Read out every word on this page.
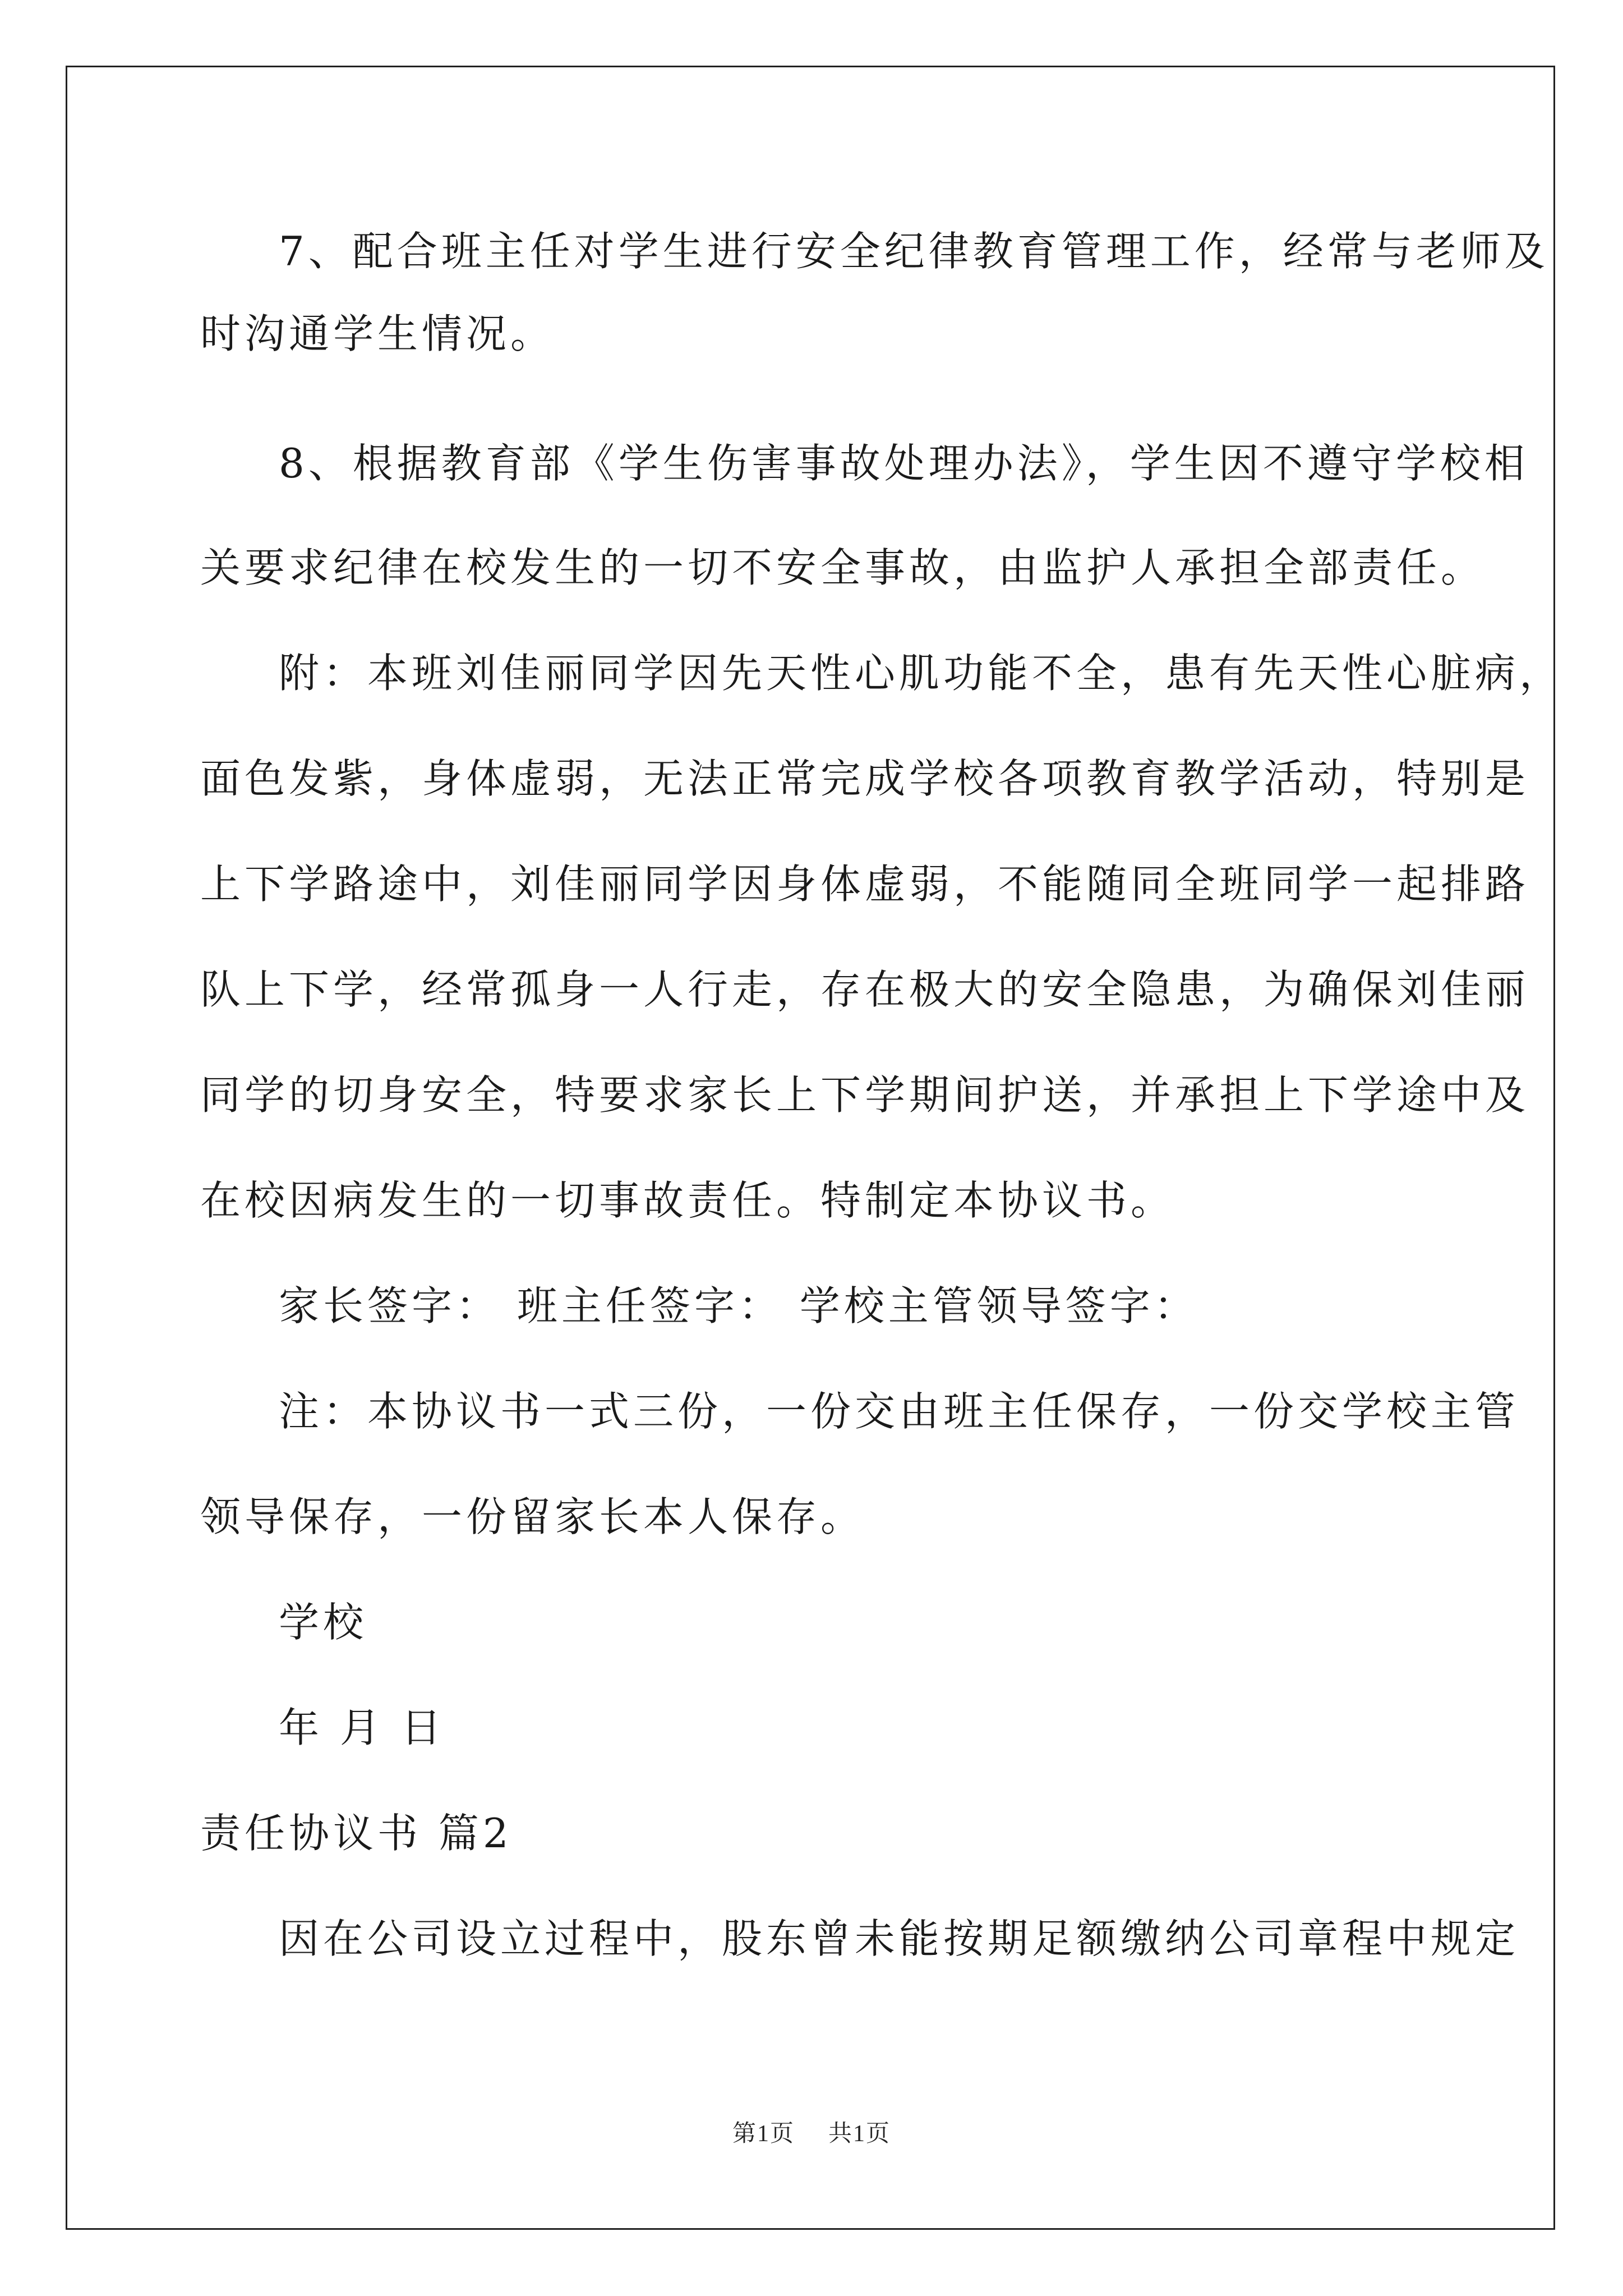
7、配合班主任对学生进行安全纪律教育管理工作，经常与老师及
时沟通学生情况。
8、根据教育部《学生伤害事故处理办法》，学生因不遵守学校相
关要求纪律在校发生的一切不安全事故，由监护人承担全部责任。
附：本班刘佳丽同学因先天性心肌功能不全，患有先天性心脏病，
面色发紫，身体虚弱，无法正常完成学校各项教育教学活动，特别是
上下学路途中，刘佳丽同学因身体虚弱，不能随同全班同学一起排路
队上下学，经常孤身一人行走，存在极大的安全隐患，为确保刘佳丽
同学的切身安全，特要求家长上下学期间护送，并承担上下学途中及
在校因病发生的一切事故责任。特制定本协议书。
家长签字： 班主任签字： 学校主管领导签字：
注：本协议书一式三份，一份交由班主任保存，一份交学校主管
领导保存，一份留家长本人保存。
学校
年 月 日
责任协议书 篇2
因在公司设立过程中，股东曾未能按期足额缴纳公司章程中规定
第1页 共1页
